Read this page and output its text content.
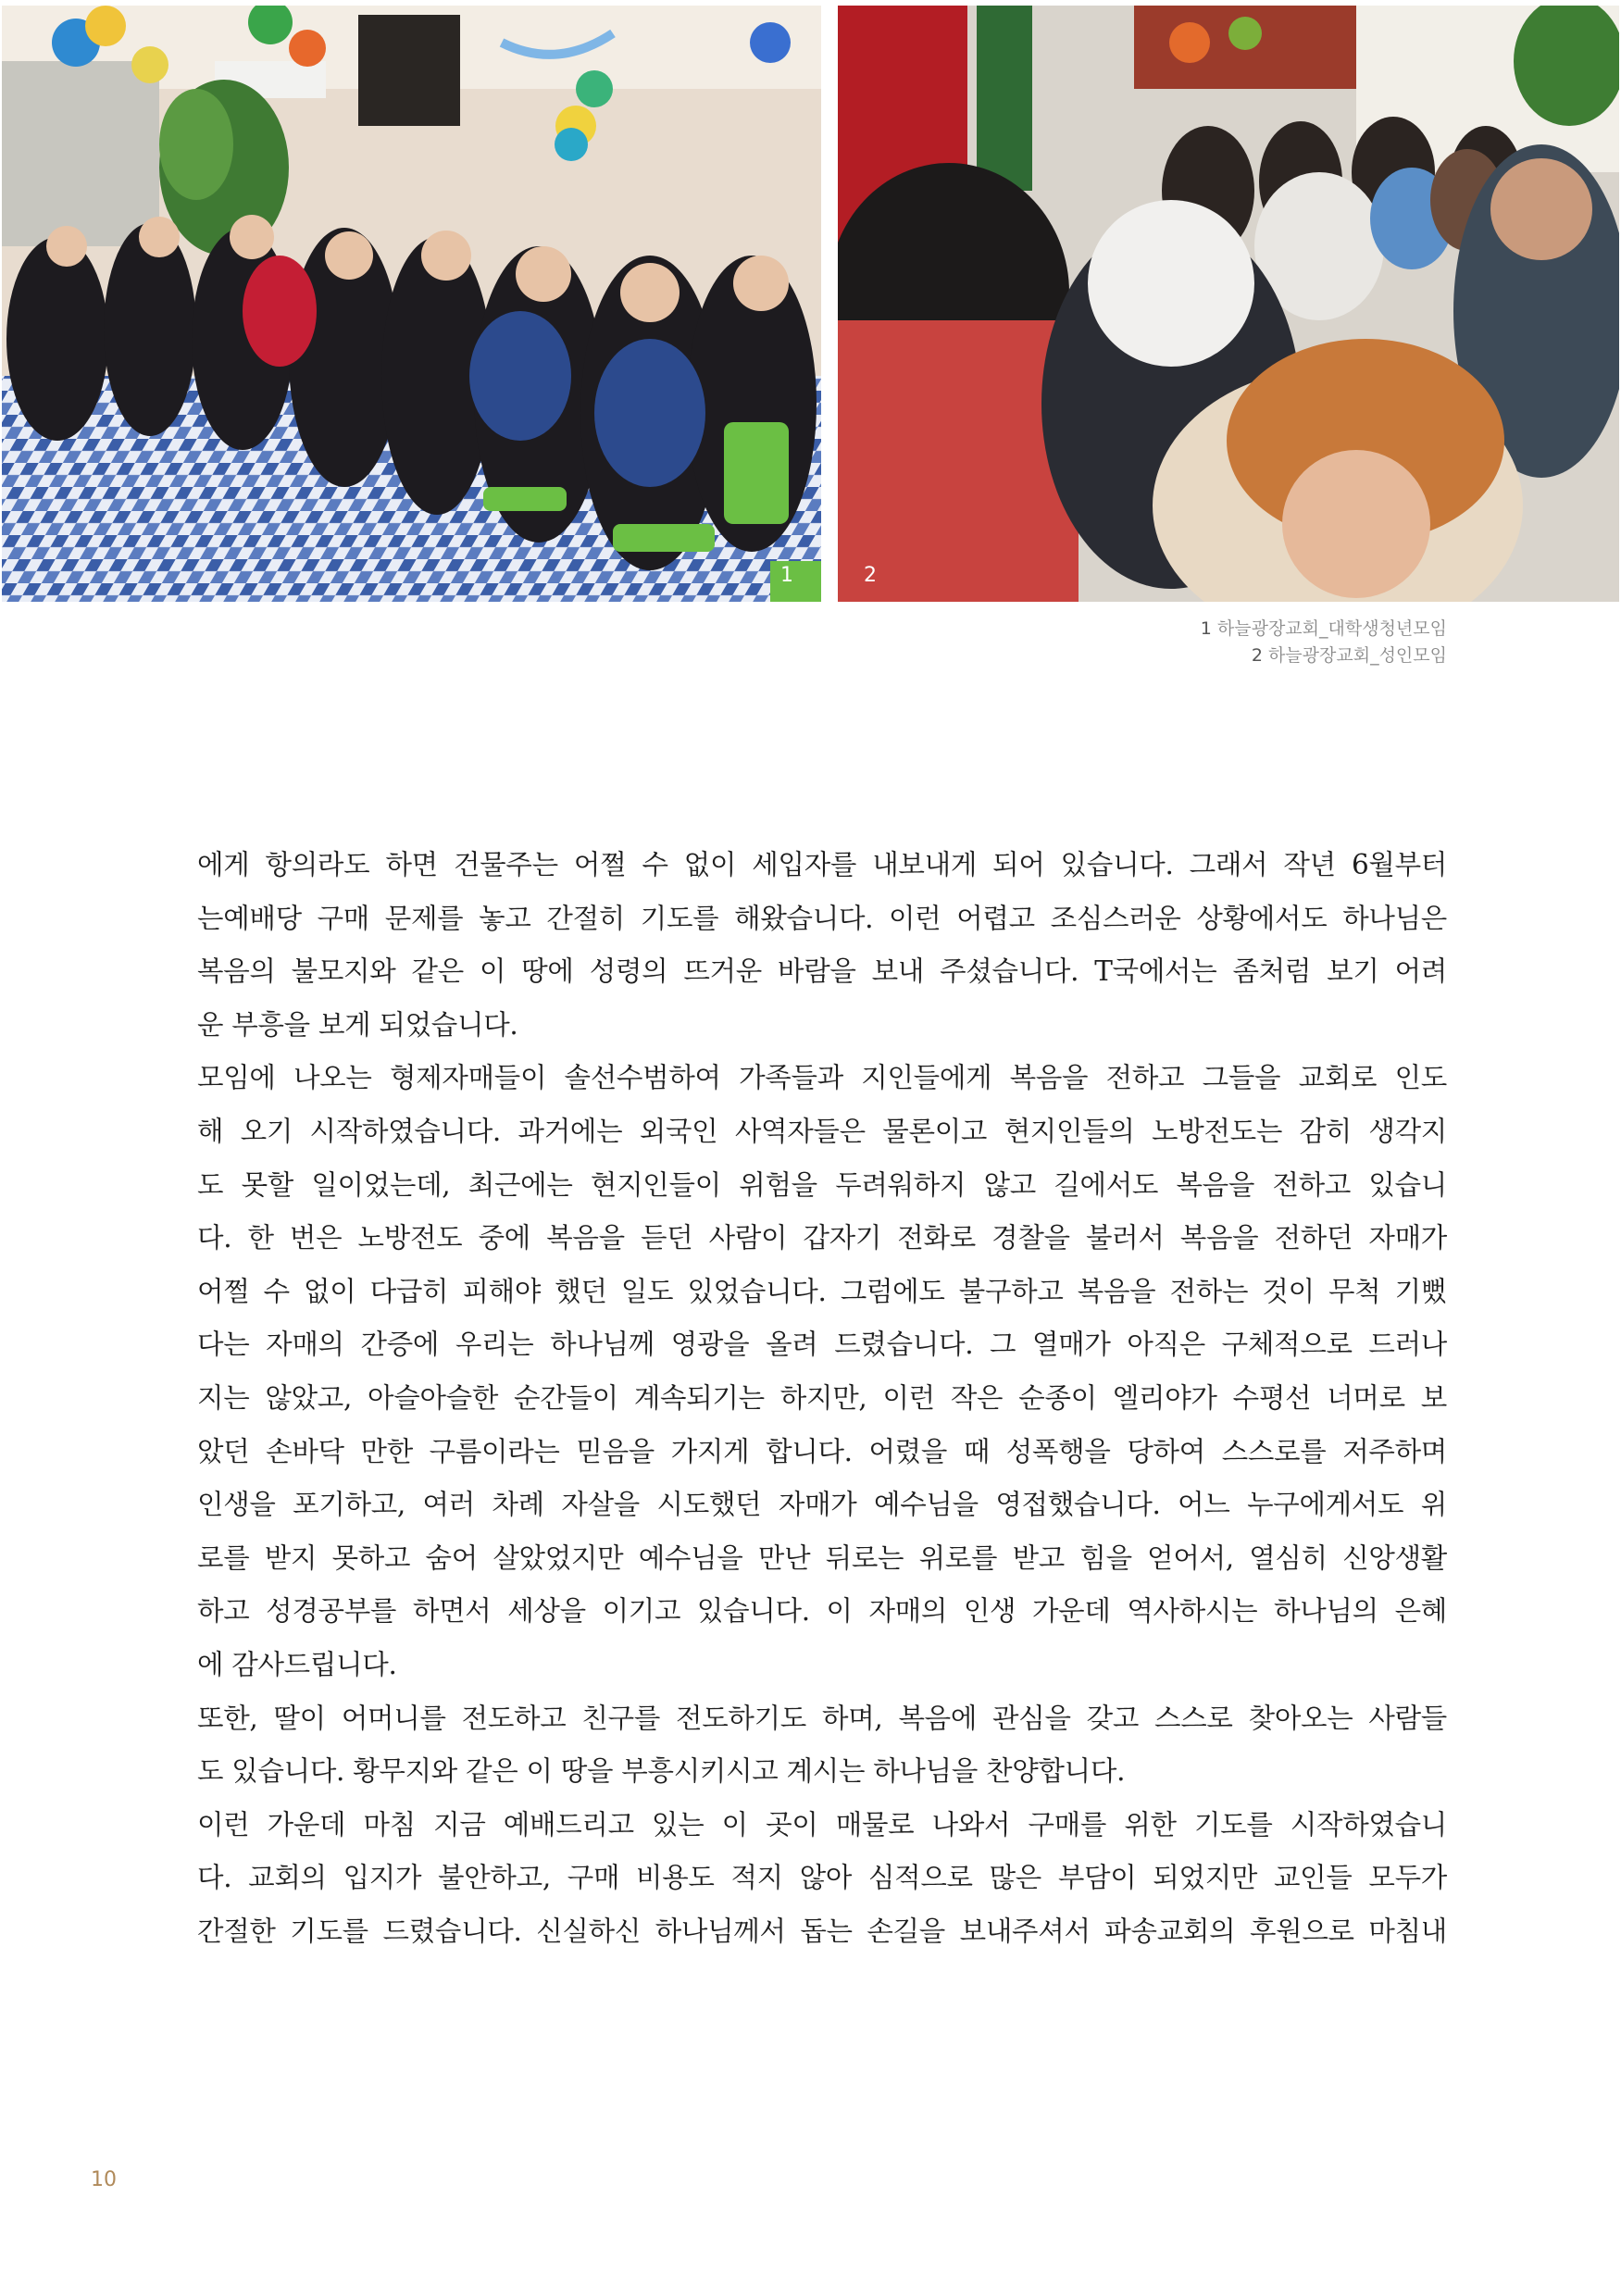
1	2
1 하늘광장교회_대학생청년모임
2 하늘광장교회_성인모임
에게 항의라도 하면 건물주는 어쩔 수 없이 세입자를 내보내게 되어 있습니다. 그래서 작년 6월부터
는예배당 구매 문제를 놓고 간절히 기도를 해왔습니다. 이런 어렵고 조심스러운 상황에서도 하나님은
복음의 불모지와 같은 이 땅에 성령의 뜨거운 바람을 보내 주셨습니다. T국에서는 좀처럼 보기 어려
운 부흥을 보게 되었습니다.
모임에 나오는 형제자매들이 솔선수범하여 가족들과 지인들에게 복음을 전하고 그들을 교회로 인도
해 오기 시작하였습니다. 과거에는 외국인 사역자들은 물론이고 현지인들의 노방전도는 감히 생각지
도 못할 일이었는데, 최근에는 현지인들이 위험을 두려워하지 않고 길에서도 복음을 전하고 있습니
다. 한 번은 노방전도 중에 복음을 듣던 사람이 갑자기 전화로 경찰을 불러서 복음을 전하던 자매가
어쩔 수 없이 다급히 피해야 했던 일도 있었습니다. 그럼에도 불구하고 복음을 전하는 것이 무척 기뻤
다는 자매의 간증에 우리는 하나님께 영광을 올려 드렸습니다. 그 열매가 아직은 구체적으로 드러나
지는 않았고, 아슬아슬한 순간들이 계속되기는 하지만, 이런 작은 순종이 엘리야가 수평선 너머로 보
았던 손바닥 만한 구름이라는 믿음을 가지게 합니다. 어렸을 때 성폭행을 당하여 스스로를 저주하며
인생을 포기하고, 여러 차례 자살을 시도했던 자매가 예수님을 영접했습니다. 어느 누구에게서도 위
로를 받지 못하고 숨어 살았었지만 예수님을 만난 뒤로는 위로를 받고 힘을 얻어서, 열심히 신앙생활
하고 성경공부를 하면서 세상을 이기고 있습니다. 이 자매의 인생 가운데 역사하시는 하나님의 은혜
에 감사드립니다.
또한, 딸이 어머니를 전도하고 친구를 전도하기도 하며, 복음에 관심을 갖고 스스로 찾아오는 사람들
도 있습니다. 황무지와 같은 이 땅을 부흥시키시고 계시는 하나님을 찬양합니다.
이런 가운데 마침 지금 예배드리고 있는 이 곳이 매물로 나와서 구매를 위한 기도를 시작하였습니
다. 교회의 입지가 불안하고, 구매 비용도 적지 않아 심적으로 많은 부담이 되었지만 교인들 모두가
간절한 기도를 드렸습니다. 신실하신 하나님께서 돕는 손길을 보내주셔서 파송교회의 후원으로 마침내
10
